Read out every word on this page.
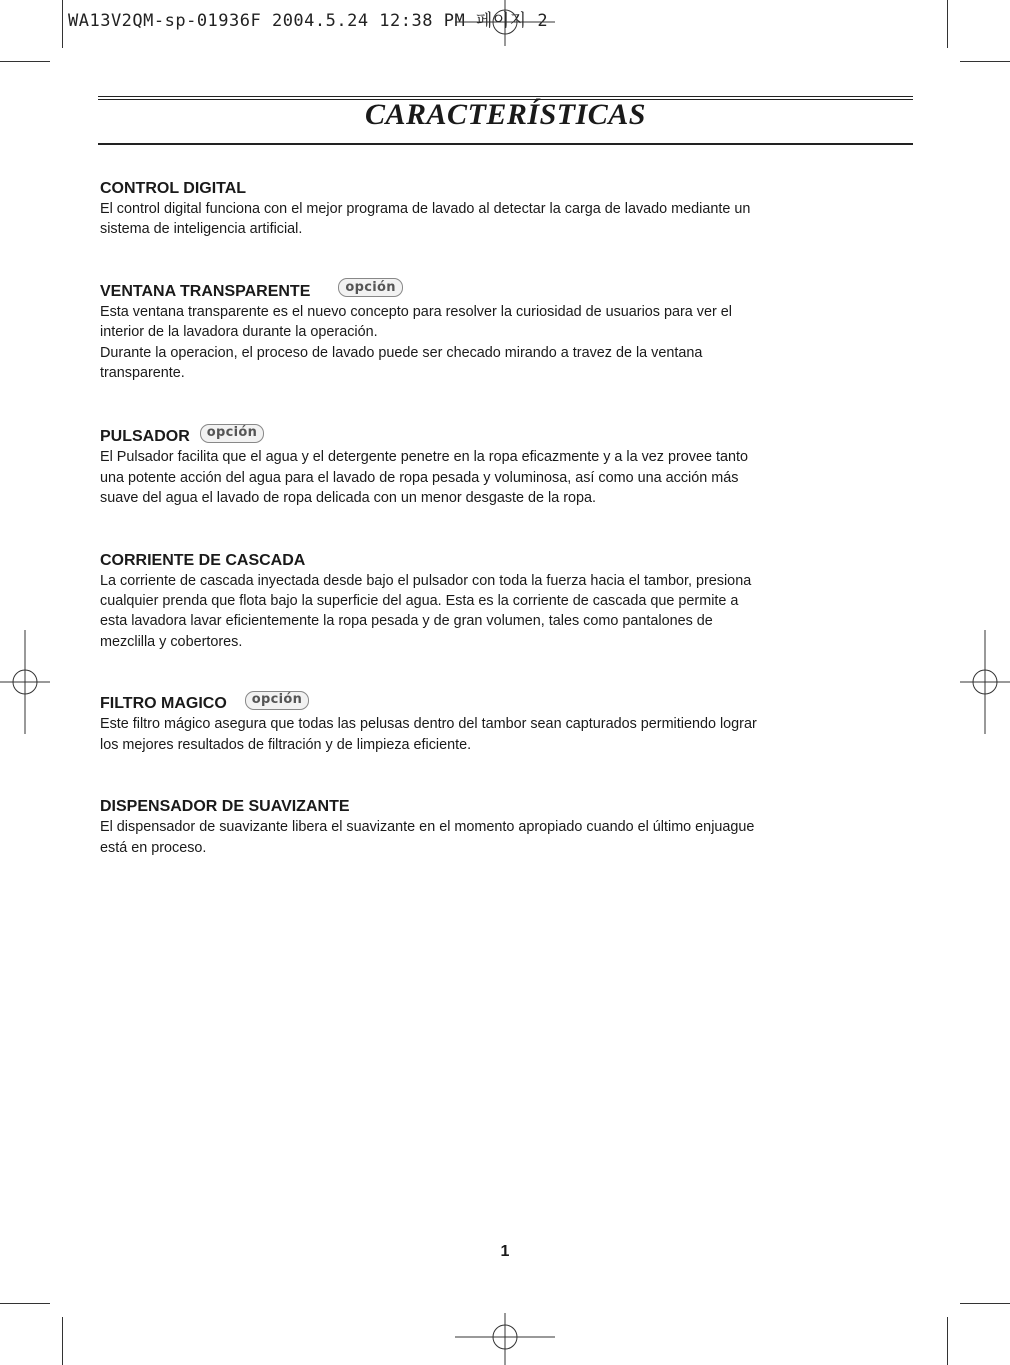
WA13V2QM-sp-01936F 2004.5.24 12:38 PM 페이지 2
CARACTERÍSTICAS
CONTROL DIGITAL

El control digital funciona con el mejor programa de lavado al detectar la carga de lavado mediante un sistema de inteligencia artificial.

VENTANA TRANSPARENTE	opción

Esta ventana transparente es el nuevo concepto para resolver la curiosidad de usuarios para ver el interior de la lavadora durante la operación.

Durante la operacion, el proceso de lavado puede ser checado mirando a travez de la ventana transparente.

PULSADOR	opción

El Pulsador facilita que el agua y el detergente penetre en la ropa eficazmente y a la vez provee tanto una potente acción del agua para el lavado de ropa pesada y voluminosa, así como una acción más suave del agua el lavado de ropa delicada con un menor desgaste de la ropa.

CORRIENTE DE CASCADA

La corriente de cascada inyectada desde bajo el pulsador con toda la fuerza hacia el tambor, presiona cualquier prenda que flota bajo la superficie del agua. Esta es la corriente de cascada que permite a esta lavadora lavar eficientemente la ropa pesada y de gran volumen, tales como pantalones de mezclilla y cobertores.

FILTRO MAGICO	opción

Este filtro mágico asegura que todas las pelusas dentro del tambor sean capturados permitiendo lograr los mejores resultados de filtración y de limpieza eficiente.

DISPENSADOR DE SUAVIZANTE

El dispensador de suavizante libera el suavizante en el momento apropiado cuando el último enjuague está en proceso.

1
